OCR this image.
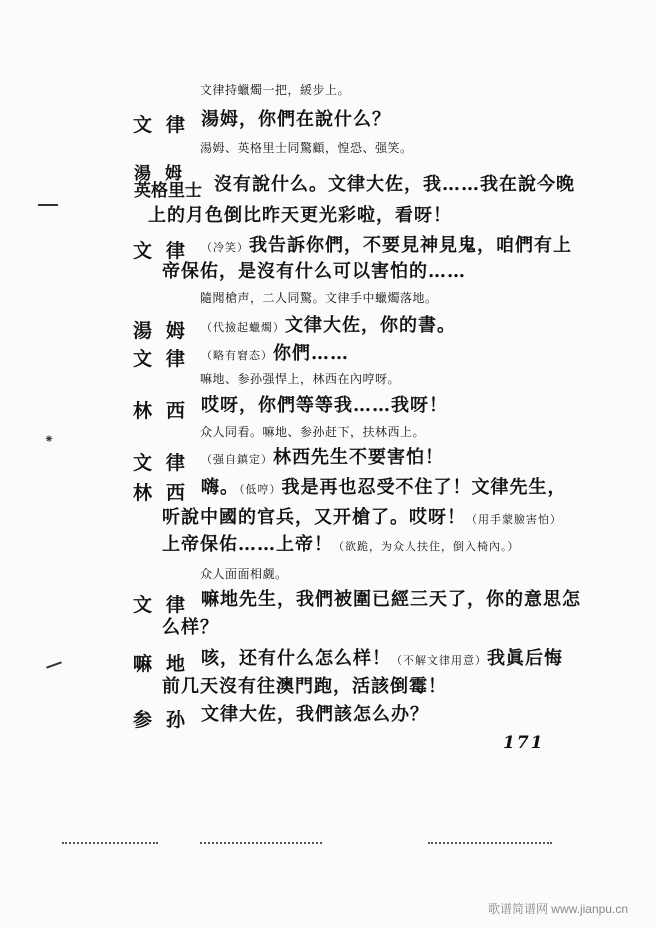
文律持蠟燭一把，緩步上。
文律 湯姆，你們在說什么？
湯姆、英格里士同驚顧，惶恐、强笑。
湯姆
英格里士 沒有說什么。文律大佐，我……我在說今晚
上的月色倒比昨天更光彩啦，看呀！
文律 （冷笑）我告訴你們，不要見神見鬼，咱們有上
帝保佑，是沒有什么可以害怕的……
隨聞槍声，二人同驚。文律手中蠟燭落地。
湯姆 （代撿起蠟燭）文律大佐，你的書。
文律 （略有窘态）你們……
嘛地、参孙强悍上，林西在內哼呀。
林西 哎呀，你們等等我……我呀！
众人同看。嘛地、参孙赶下，扶林西上。
文律 （强自鎮定）林西先生不要害怕！
林西 嗨。（低哼）我是再也忍受不住了！文律先生，
听說中國的官兵，又开槍了。哎呀！（用手蒙臉害怕）
上帝保佑……上帝！（欲跪，为众人扶住，倒入椅內。）
众人面面相觑。
文律 嘛地先生，我們被圍已經三天了，你的意思怎
么样？
嘛地 咳，还有什么怎么样！（不解文律用意）我眞后悔
前几天沒有往澳門跑，活該倒霉！
参孙 文律大佐，我們該怎么办？
171
⁕
歌谱简谱网 www.jianpu.cn
